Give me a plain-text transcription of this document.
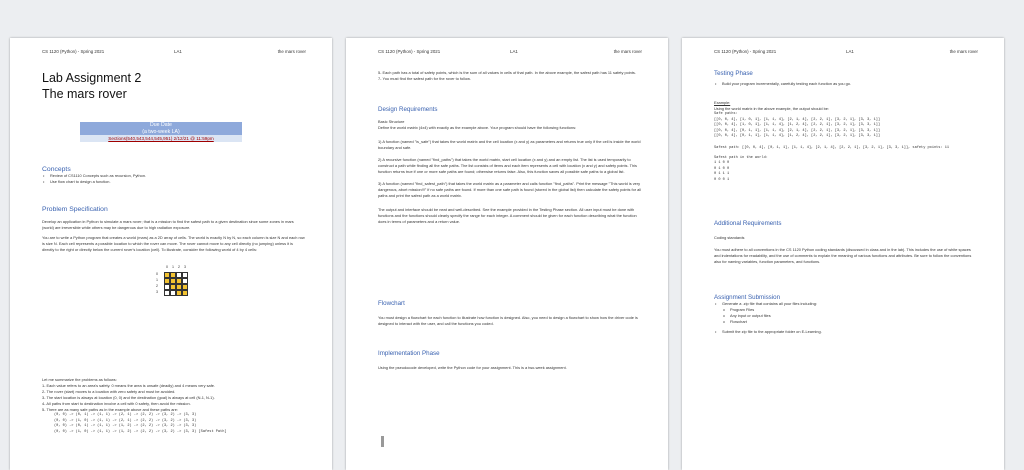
CS 1120 (Python) - Spring 2021	LA1	the mars rover
Lab Assignment 2
The mars rover
Due Date
(a two-week LA)
Sections(540,543,544,545,951) 2/12/21 @ 11:59pm
Concepts
• Review of CS1110 Concepts such as recursion, Python.
• Use flow chart to design a function.
Problem Specification
Develop an application in Python to simulate a mars rover; that is a mission to find the safest path to a given destination since some zones in mars (world) are irreversible while others may be dangerous due to high radiation exposure.
You are to write a Python program that creates a world (mars) as a 2D array of cells. The world is exactly N by N, so each column is size N and each row is size N. Each cell represents a possible location to which the rover can move. The rover cannot move to any cell directly (no jumping) unless it is directly to the right or directly below the current rover's location (cell). To illustrate, consider the following world of 4 by 4 cells:
0 1 2 3
0
1
2
3
Let me summarize the problems as follows:
1- Each value refers to an area's safety. 0 means the area is unsafe (deadly) and 4 means very safe.
2- The rover (start) moves to a location with zero safety and must be avoided.
3- The start location is always at location (0, 0) and the destination (goal) is always at cell (N-1, N-1).
4- All paths from start to destination involve a cell with 0 safety, then avoid the mission.
5- There are as many safe paths as in the example above and these paths are:
(0, 0) -> (0, 1) -> (1, 1) -> (2, 1) -> (2, 2) -> (3, 2) -> (3, 3)
(0, 0) -> (1, 0) -> (1, 1) -> (2, 1) -> (2, 2) -> (3, 2) -> (3, 3)
(0, 0) -> (0, 1) -> (1, 1) -> (1, 2) -> (2, 2) -> (3, 2) -> (3, 3)
(0, 0) -> (1, 0) -> (1, 1) -> (1, 2) -> (2, 2) -> (3, 2) -> (3, 3) [Safest Path]
CS 1120 (Python) - Spring 2021	LA1	the mars rover
5- Each path has a total of safety points, which is the sum of all values in cells of that path. In the above example, the safest path has 11 safety points.
7- You must find the safest path for the rover to follow.
Design Requirements
Basic Structure
Define the world matrix (4x4) with exactly as the example above. Your program should have the following functions:
1) A function (named "is_safe") that takes the world matrix and the cell location (x and y) as parameters and returns true only if the cell is inside the world boundary and safe.
2) A recursive function (named "find_paths") that takes the world matrix, start cell location (x and y) and an empty list. The list is used temporarily to construct a path while finding all the safe paths. The list consists of items and each item represents a cell with location (x and y) and safety points. This function returns true if one or more safe paths are found; otherwise returns false. Also, this function saves all possible safe paths to a global list.
3) A function (named "find_safest_path") that takes the world matrix as a parameter and calls function "find_paths". Print the message "This world is very dangerous, abort mission!!!" if no safe paths are found. If more than one safe path is found (stored in the global list) then calculate the safety points for all paths and print the safest path as a world matrix.
The output and interface should be neat and well-described. See the example provided in the Testing Phase section. All user input must be done with functions and the functions should clearly specify the range for each integer. A comment should be given for each function describing what the function does in terms of parameters and a return value.
Flowchart
You must design a flowchart for each function to illustrate how function is designed. Also, you need to design a flowchart to show how the driver code is designed to interact with the user, and call the functions you coded.
Implementation Phase
Using the pseudocode developed, write the Python code for your assignment. This is a two-week assignment.
CS 1120 (Python) - Spring 2021	LA1	the mars rover
Testing Phase
• Build your program incrementally, carefully testing each function as you go.
Example:
Using the world matrix in the above example, the output should be:
Safe paths:
[[0, 0, 4], [1, 0, 1], [1, 1, 4], [2, 1, 4], [2, 2, 1], [3, 2, 1], [3, 3, 1]]
[[0, 0, 4], [1, 0, 1], [1, 1, 4], [1, 2, 4], [2, 2, 1], [3, 2, 1], [3, 3, 1]]
[[0, 0, 4], [0, 1, 1], [1, 1, 4], [2, 1, 4], [2, 2, 1], [3, 2, 1], [3, 3, 1]]
[[0, 0, 4], [0, 1, 1], [1, 1, 4], [1, 2, 4], [2, 2, 1], [3, 2, 1], [3, 3, 1]]
Safest path: [[0, 0, 4], [0, 1, 1], [1, 1, 4], [2, 1, 4], [2, 2, 1], [3, 2, 1], [3, 3, 1]], safety points: 11
Safest path in the world:
1 1 0 0
0 1 0 0
0 1 1 1
0 0 0 1
Additional Requirements
Coding standards
You must adhere to all conventions in the CS 1120 Python coding standards (discussed in class and in the lab). This includes the use of white spaces and indentations for readability, and the use of comments to explain the meaning of various functions and attributes. Be sure to follow the conventions also for naming variables, function parameters, and functions.
Assignment Submission
• Generate a .zip file that contains all your files including:
o Program Files
o Any input or output files
o Flowchart
• Submit the zip file to the appropriate folder on E-Learning.
